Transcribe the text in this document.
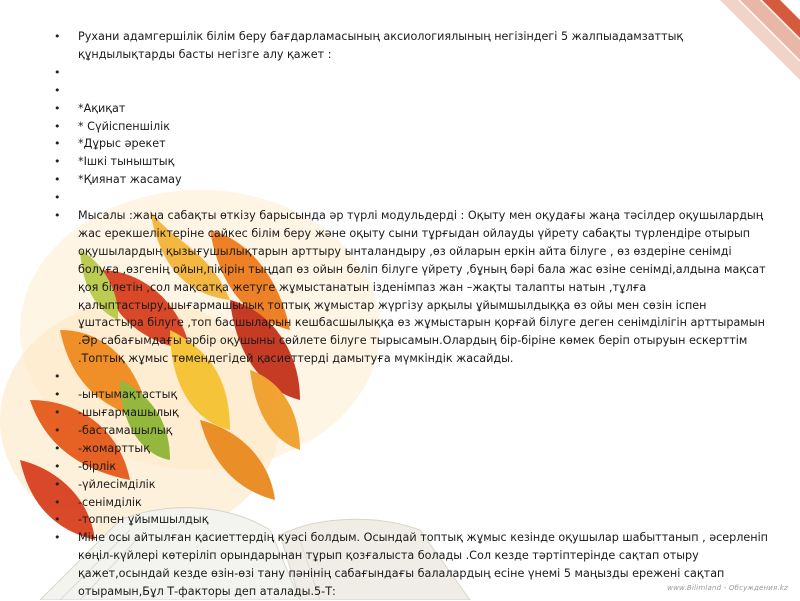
• Рухани адамгершілік білім беру бағдарламасының аксиологиялының негізіндегі 5 жалпыадамзаттық құндылықтарды басты негізге алу қажет :
•
•
• *Ақиқат
• * Сүйіспеншілік
• *Дұрыс әрекет
• *Ішкі тыныштық
• *Қиянат жасамау
•
• Мысалы :жаңа сабақты өткізу барысында әр түрлі модульдерді : Оқыту мен оқудағы жаңа тәсілдер оқушылардың жас ерекшеліктеріне сайкес білім беру және оқыту сыни тұрғыдан ойлауды үйрету сабақты түрлендіре отырып оқушылардың қызығушылықтарын арттыру ынталандыру ,өз ойларын еркін айта білуге , өз өздеріне сенімді болуға ,өзгенің ойын,пікірін тыңдап өз ойын бөліп білуге үйрету ,бұның бәрі бала жас өзіне сенімді,алдына мақсат қоя білетін ,сол мақсатқа жетуге жұмыстанатын ізденімпаз жан –жақты талапты натын ,тұлға қалыптастыру,шығармашылық топтық жұмыстар жүргізу арқылы ұйымшылдыққа өз ойы мен сөзін іспен ұштастыра білуге ,топ басшыларын кешбасшылыққа өз жұмыстарын қорғай білуге деген сенімділігін арттырамын .Әр сабағымдағы әрбір оқушыны сөйлете білуге тырысамын.Олардың бір-біріне көмек беріп отыруын ескерттім .Топтық жұмыс төмендегідей қасиеттерді дамытуға мүмкіндік жасайды.
•
• -ынтымақтастық
• -шығармашылық
• -бастамашылық
• -жомарттық
• -бірлік
• -үйлесімділік
• -сенімділік
• -топпен ұйымшылдық
• Міне осы айтылған қасиеттердің куәсі болдым. Осындай топтық жұмыс кезінде оқушылар шабыттанып , әсерленіп көңіл-күйлері көтеріліп орындарынан тұрып қозғалыста болады .Сол кезде тәртіптерінде сақтап отыру қажет,осындай кезде өзін-өзі тану пәнінің сабағындағы балалардың есіне үнемі 5 маңызды ережені сақтап отырамын,Бұл Т-факторы деп аталады.5-Т:	www.Bilimland - Обсуждения.kz
